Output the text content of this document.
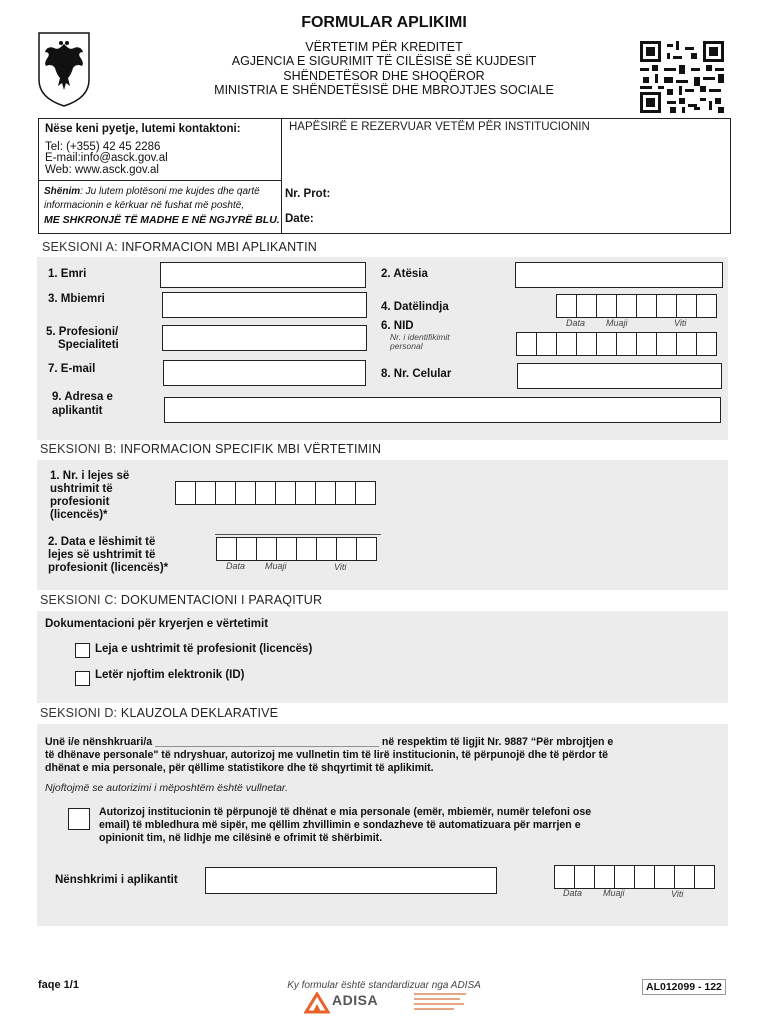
FORMULAR APLIKIMI
VËRTETIM PËR KREDITET
AGJENCIA E SIGURIMIT TË CILËSISË SË KUJDESIT
SHËNDETËSOR DHE SHOQËROR
MINISTRIA E SHËNDETËSISË DHE MBROJTJES SOCIALE
Nëse keni pyetje, lutemi kontaktoni:
Tel: (+355) 42 45 2286
E-mail:info@asck.gov.al
Web: www.asck.gov.al
Shënim: Ju lutem plotësoni me kujdes dhe qartë informacionin e kërkuar në fushat më poshtë,
ME SHKRONJË TË MADHE E NË NGJYRË BLU.
HAPËSIRË E REZERVUAR VETËM PËR INSTITUCIONIN
Nr. Prot:
Date:
SEKSIONI A: INFORMACION MBI APLIKANTIN
1. Emri	2. Atësia
3. Mbiemri
4. Datëlindja
Data Muaji	Viti
5. Profesioni/
Specialiteti
6. NID
Nr. i identifikimit
personal
7. E-mail	8. Nr. Celular
9. Adresa e
aplikantit
SEKSIONI B: INFORMACION SPECIFIK MBI VËRTETIMIN
1. Nr. i lejes së
ushtrimit të
profesionit
(licencës)*
2. Data e lëshimit të
lejes së ushtrimit të
profesionit (licencës)*	Data Muaji	Viti
SEKSIONI C: DOKUMENTACIONI I PARAQITUR
Dokumentacioni për kryerjen e vërtetimit
Leja e ushtrimit të profesionit (licencës)
Letër njoftim elektronik (ID)
SEKSIONI D: KLAUZOLA DEKLARATIVE
Unë i/e nënshkruari/a ______________________________________ në respektim të ligjit Nr. 9887 “Për mbrojtjen e
të dhënave personale" të ndryshuar, autorizoj me vullnetin tim të lirë institucionin, të përpunojë dhe të përdor të
dhënat e mia personale, për qëllime statistikore dhe të shqyrtimit të aplikimit.
Njoftojmë se autorizimi i mëposhtëm është vullnetar.
Autorizoj institucionin të përpunojë të dhënat e mia personale (emër, mbiemër, numër telefoni ose
email) të mbledhura më sipër, me qëllim zhvillimin e sondazheve të automatizuara për marrjen e
opinionit tim, në lidhje me cilësinë e ofrimit të shërbimit.
Nënshkrimi i aplikantit
Data Muaji	Viti
faqe 1/1	Ky formular është standardizuar nga ADISA
ADISA
AL012099 - 122
